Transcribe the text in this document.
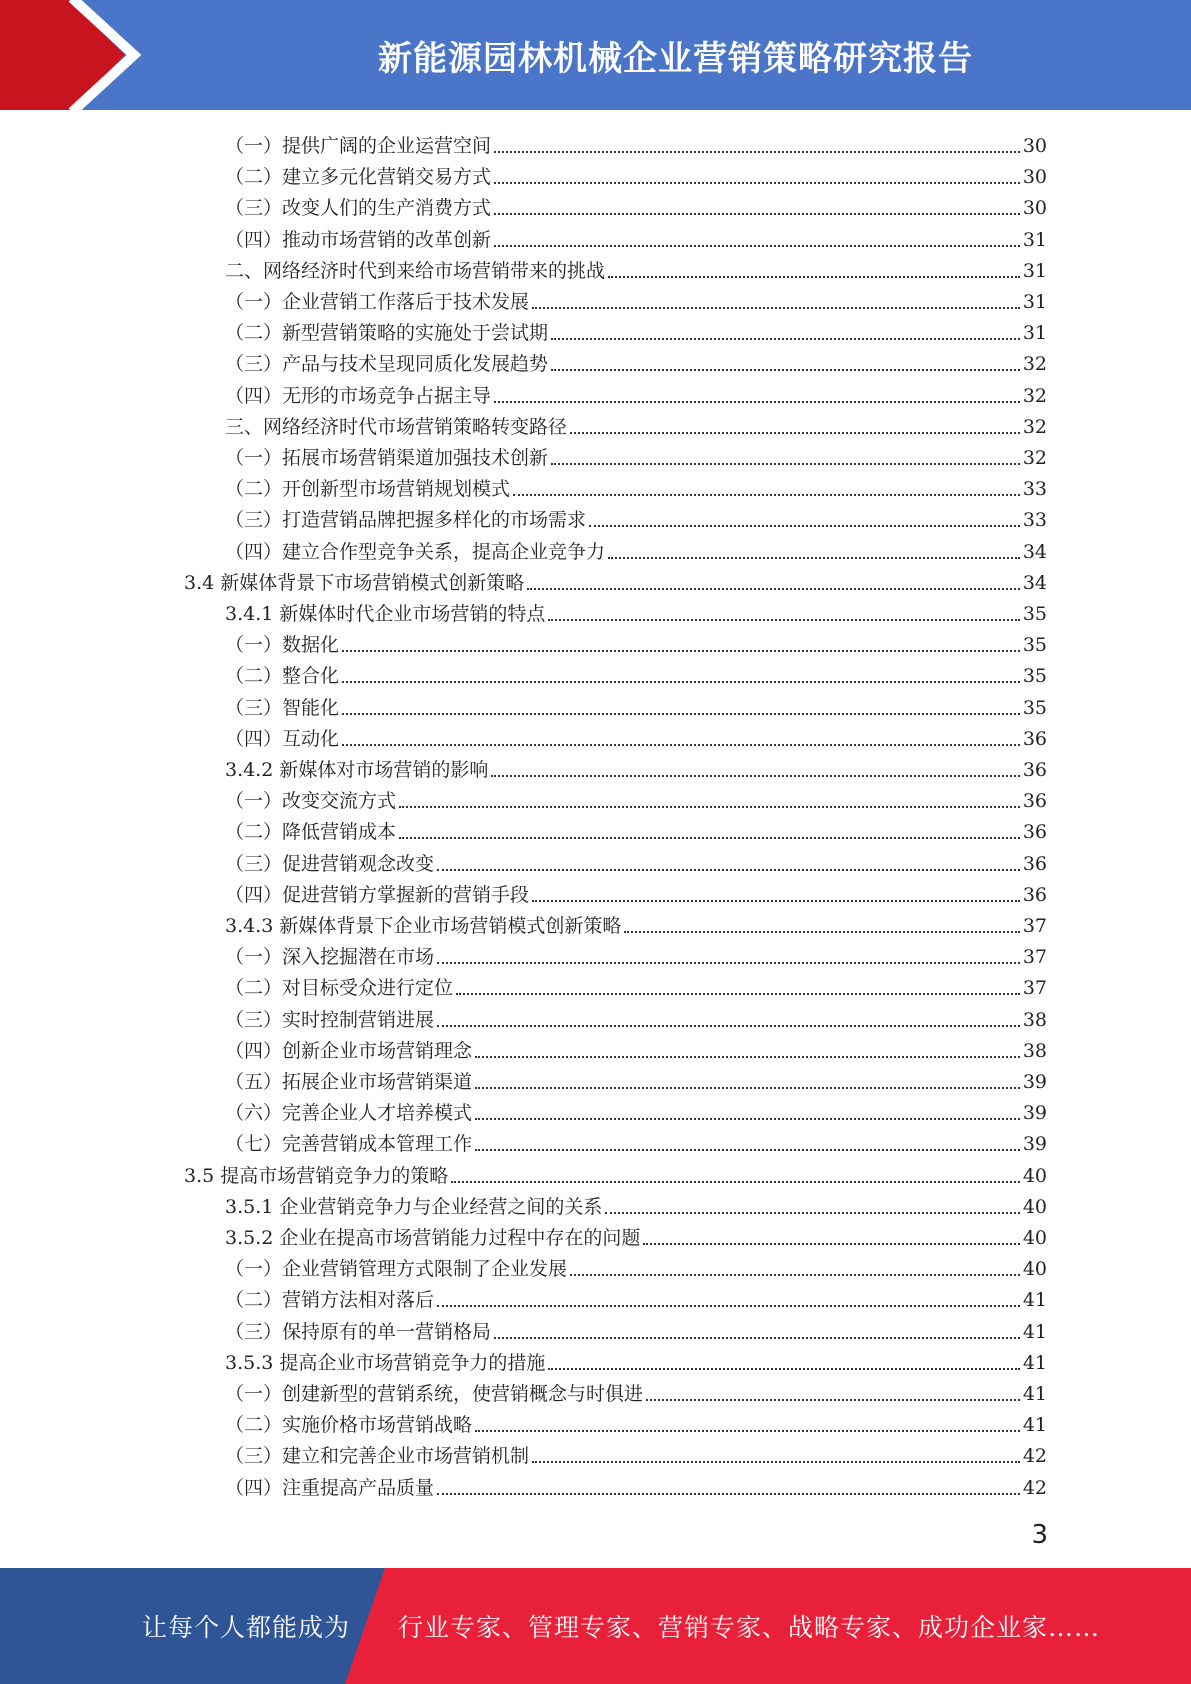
新能源园林机械企业营销策略研究报告
（一）提供广阔的企业运营空间	30
（二）建立多元化营销交易方式	30
（三）改变人们的生产消费方式	30
（四）推动市场营销的改革创新	31
二、网络经济时代到来给市场营销带来的挑战	31
（一）企业营销工作落后于技术发展	31
（二）新型营销策略的实施处于尝试期	31
（三）产品与技术呈现同质化发展趋势	32
（四）无形的市场竞争占据主导	32
三、网络经济时代市场营销策略转变路径	32
（一）拓展市场营销渠道加强技术创新	32
（二）开创新型市场营销规划模式	33
（三）打造营销品牌把握多样化的市场需求	33
（四）建立合作型竞争关系，提高企业竞争力	34
3.4 新媒体背景下市场营销模式创新策略	34
3.4.1 新媒体时代企业市场营销的特点	35
（一）数据化	35
（二）整合化	35
（三）智能化	35
（四）互动化	36
3.4.2 新媒体对市场营销的影响	36
（一）改变交流方式	36
（二）降低营销成本	36
（三）促进营销观念改变	36
（四）促进营销方掌握新的营销手段	36
3.4.3 新媒体背景下企业市场营销模式创新策略	37
（一）深入挖掘潜在市场	37
（二）对目标受众进行定位	37
（三）实时控制营销进展	38
（四）创新企业市场营销理念	38
（五）拓展企业市场营销渠道	39
（六）完善企业人才培养模式	39
（七）完善营销成本管理工作	39
3.5 提高市场营销竞争力的策略	40
3.5.1 企业营销竞争力与企业经营之间的关系	40
3.5.2 企业在提高市场营销能力过程中存在的问题	40
（一）企业营销管理方式限制了企业发展	40
（二）营销方法相对落后	41
（三）保持原有的单一营销格局	41
3.5.3 提高企业市场营销竞争力的措施	41
（一）创建新型的营销系统，使营销概念与时俱进	41
（二）实施价格市场营销战略	41
（三）建立和完善企业市场营销机制	42
（四）注重提高产品质量	42
3
让每个人都能成为 行业专家、管理专家、营销专家、战略专家、成功企业家……
